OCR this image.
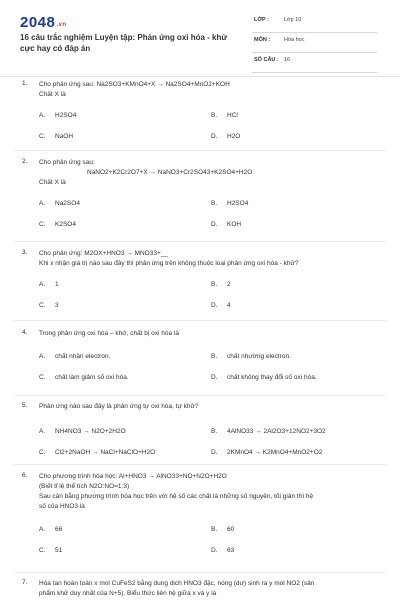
2048.vn
16 câu trắc nghiệm Luyện tập: Phản ứng oxi hóa - khử cực hay có đáp án
LỚP :	Lớp 10
MÔN :	Hóa học
SỐ CÂU : 16
1. Cho phản ứng sau: Na2SO3+KMnO4+X → Na2SO4+MnO2+KOH
Chất X là
A. H2SO4	B. HCl
C. NaOH	D. H2O
2. Cho phản ứng sau:
NaNO2+K2Cr2O7+X → NaNO3+Cr2SO43+K2SO4+H2O
Chất X là
A. Na2SO4	B. H2SO4
C. K2SO4	D. KOH
3. Cho phản ứng: M2OX+HNO3 → MNO33+__
Khi x nhận giá trị nào sau đây thì phản ứng trên không thuộc loại phản ứng oxi hóa - khử?
A. 1	B. 2
C. 3	D. 4
4. Trong phản ứng oxi hóa – khử, chất bị oxi hóa là
A. chất nhận electron.	B. chất nhường electron.
C. chất làm giảm số oxi hóa.	D. chất không thay đổi số oxi hóa.
5. Phản ứng nào sau đây là phản ứng tự oxi hóa, tự khử?
A. NH4NO3 → N2O+2H2O	B. 4AlNO33 → 2Al2O3+12NO2+3O2
C. Cl2+2NaOH → NaCl+NaClO+H2O	D. 2KMnO4 → K2MnO4+MnO2+O2
6. Cho phương trình hóa học: Al+HNO3 → AlNO33+NO+N2O+H2O
(Biết tỉ lệ thể tích N2O:NO=1:3)
Sau cân bằng phương trình hóa học trên với hệ số các chất là những số nguyên, tối giản thì hệ
số của HNO3 là
A. 66	B. 60
C. 51	D. 63
7. Hòa tan hoàn toàn x mol CuFeS2 bằng dung dịch HNO3 đặc, nóng (dư) sinh ra y mol NO2 (sản
phẩm khử duy nhất của N+5). Biểu thức liên hệ giữa x và y là
